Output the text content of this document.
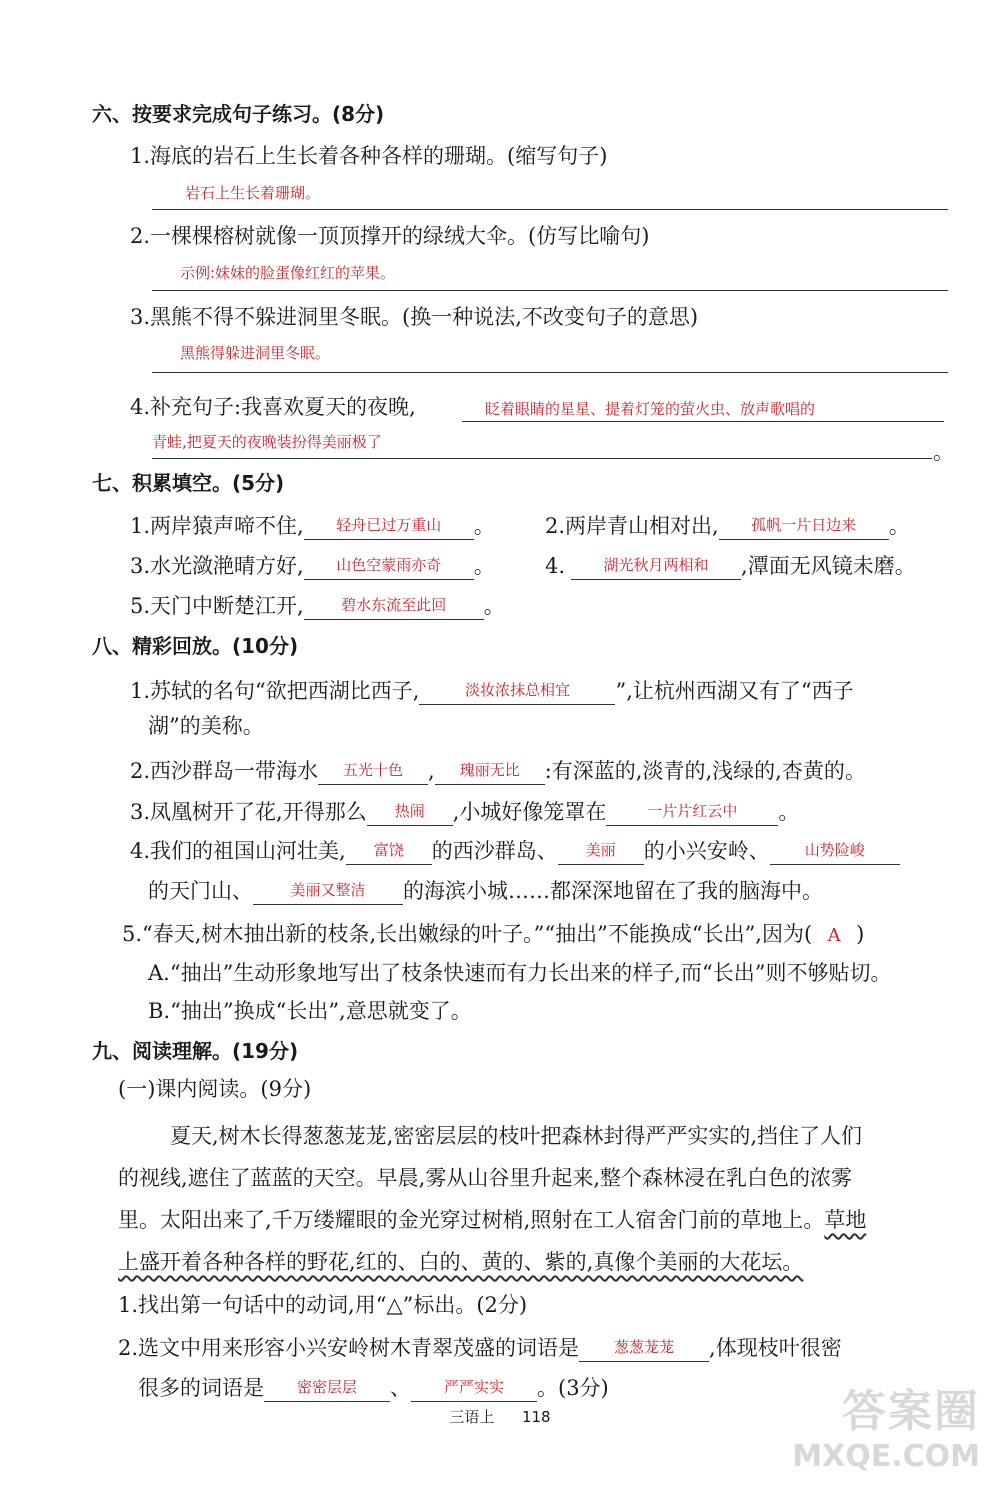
六、按要求完成句子练习。(8分)
1.海底的岩石上生长着各种各样的珊瑚。(缩写句子)
岩石上生长着珊瑚。
2.一棵棵榕树就像一顶顶撑开的绿绒大伞。(仿写比喻句)
示例:妹妹的脸蛋像红红的苹果。
3.黑熊不得不躲进洞里冬眠。(换一种说法,不改变句子的意思)
黑熊得躲进洞里冬眠。
4.补充句子:我喜欢夏天的夜晚,	眨着眼睛的星星、提着灯笼的萤火虫、放声歌唱的
青蛙,把夏天的夜晚装扮得美丽极了	。
七、积累填空。(5分)
1.两岸猿声啼不住, 轻舟已过万重山 。 2.两岸青山相对出, 孤帆一片日边来 。
3.水光潋滟晴方好, 山色空蒙雨亦奇 。 4.	湖光秋月两相和 ,潭面无风镜未磨。
5.天门中断楚江开, 碧水东流至此回 。
八、精彩回放。(10分)
1.苏轼的名句“欲把西湖比西子,	淡妆浓抹总相宜 ”,让杭州西湖又有了“西子
湖”的美称。
2.西沙群岛一带海水 五光十色 , 瑰丽无比 :有深蓝的,淡青的,浅绿的,杏黄的。
3.凤凰树开了花,开得那么 热闹 ,小城好像笼罩在	一片片红云中 。
4.我们的祖国山河壮美, 富饶 的西沙群岛、 美丽 的小兴安岭、 山势险峻
的天门山、 美丽又整洁 的海滨小城……都深深地留在了我的脑海中。
5.“春天,树木抽出新的枝条,长出嫩绿的叶子。”“抽出”不能换成“长出”,因为( A )
A.“抽出”生动形象地写出了枝条快速而有力长出来的样子,而“长出”则不够贴切。
B.“抽出”换成“长出”,意思就变了。
九、阅读理解。(19分)
(一)课内阅读。(9分)
夏天,树木长得葱葱茏茏,密密层层的枝叶把森林封得严严实实的,挡住了人们
的视线,遮住了蓝蓝的天空。早晨,雾从山谷里升起来,整个森林浸在乳白色的浓雾
里。太阳出来了,千万缕耀眼的金光穿过树梢,照射在工人宿舍门前的草地上。草地
上盛开着各种各样的野花,红的、白的、黄的、紫的,真像个美丽的大花坛。
1.找出第一句话中的动词,用“△”标出。(2分)
2.选文中用来形容小兴安岭树木青翠茂盛的词语是 葱葱茏茏 ,体现枝叶很密
很多的词语是 密密层层 、 严严实实 。(3分)
三语上 118	答案圈
MXQE.COM
